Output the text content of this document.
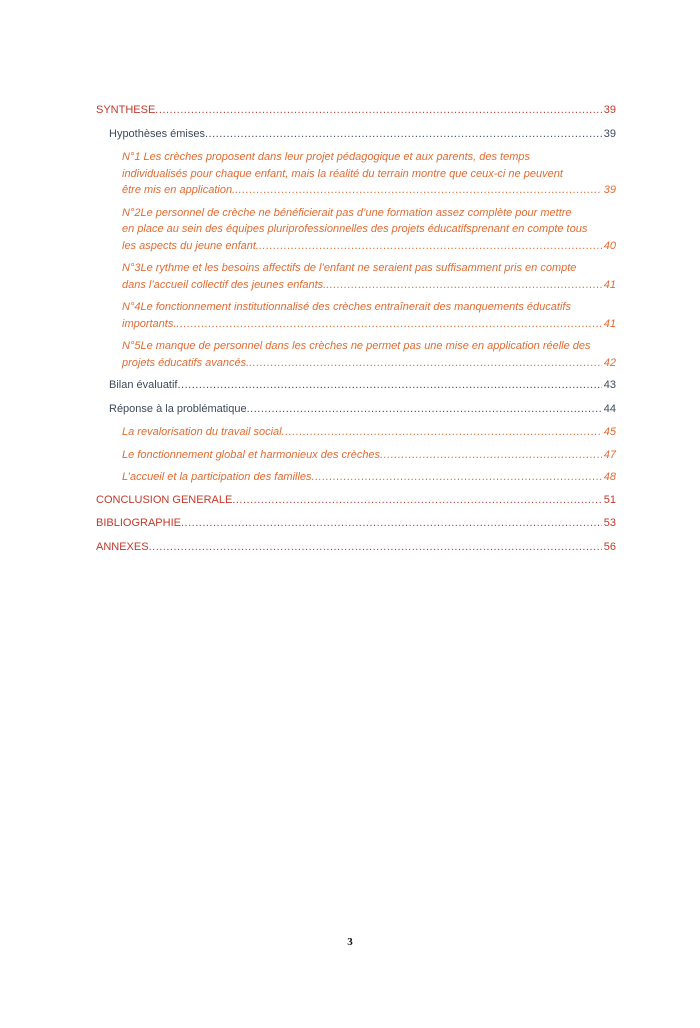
SYNTHESE .....	39
Hypothèses émises .....	39
N°1 Les crèches proposent dans leur projet pédagogique et aux parents, des temps
individualisés pour chaque enfant, mais la réalité du terrain montre que ceux-ci ne peuvent
être mis en application. .....	39
N°2Le personnel de crèche ne bénéficierait pas d’une formation assez complète pour mettre
en place au sein des équipes pluriprofessionnelles des projets éducatifsprenant en compte tous
les aspects du jeune enfant. .....	40
N°3Le rythme et les besoins affectifs de l’enfant ne seraient pas suffisamment pris en compte
dans l’accueil collectif des jeunes enfants. .....	41
N°4Le fonctionnement institutionnalisé des crèches entraînerait des manquements éducatifs
importants. .....	41
N°5Le manque de personnel dans les crèches ne permet pas une mise en application réelle des
projets éducatifs avancés. .....	42
Bilan évaluatif .....	43
Réponse à la problématique .....	44
La revalorisation du travail social .....	45
Le fonctionnement global et harmonieux des crèches .....	47
L’accueil et la participation des familles .....	48
CONCLUSION GENERALE .....	51
BIBLIOGRAPHIE .....	53
ANNEXES .....	56
3
